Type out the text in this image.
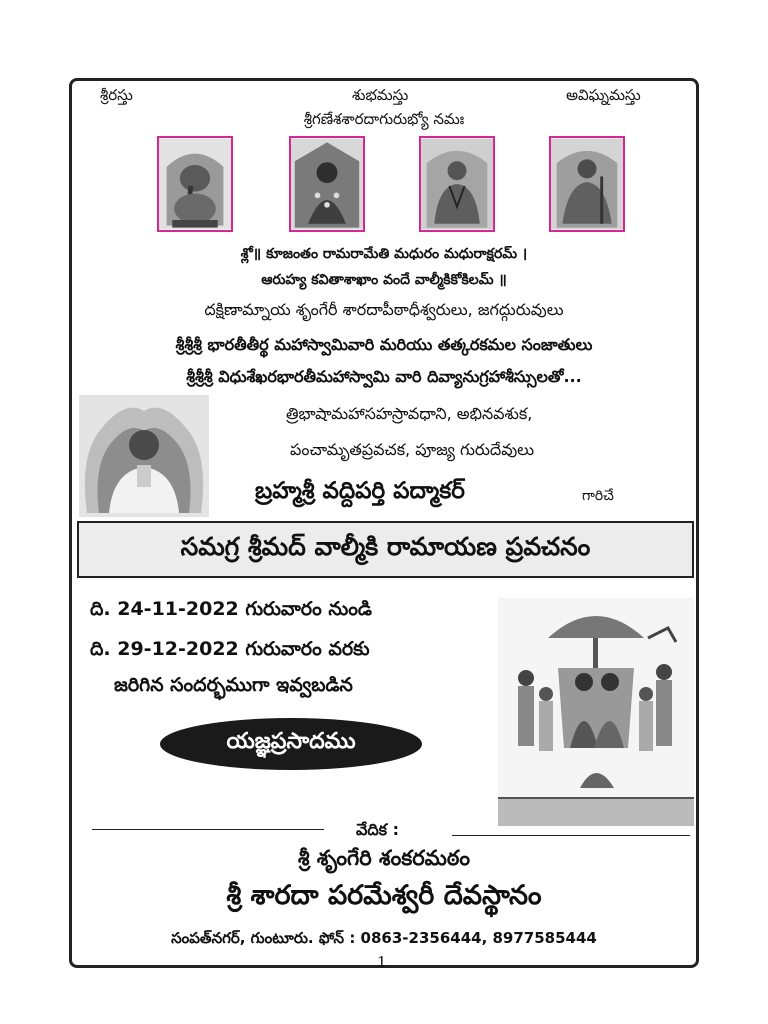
శ్రీరస్తు	శుభమస్తు	అవిఘ్నమస్తు
శ్రీగణేశశారదాగురుభ్యో నమః
శ్లో॥ కూజంతం రామరామేతి మధురం మధురాక్షరమ్ ।
ఆరుహ్య కవితాశాఖాం వందే వాల్మీకికోకిలమ్ ॥
దక్షిణామ్నాయ శృంగేరీ శారదాపీఠాధీశ్వరులు, జగద్గురువులు
శ్రీశ్రీశ్రీ భారతీతీర్థ మహాస్వామివారి మరియు తత్కరకమల సంజాతులు
శ్రీశ్రీశ్రీ విధుశేఖరభారతీమహాస్వామి వారి దివ్యానుగ్రహాశీస్సులతో...
త్రిభాషామహాసహస్రావధాని, అభినవశుక,
పంచామృతప్రవచక, పూజ్య గురుదేవులు
బ్రహ్మశ్రీ వద్దిపర్తి పద్మాకర్	గారిచే
సమగ్ర శ్రీమద్ వాల్మీకి రామాయణ ప్రవచనం
ది. 24-11-2022 గురువారం నుండి
ది. 29-12-2022 గురువారం వరకు
జరిగిన సందర్భముగా ఇవ్వబడిన
యజ్ఞప్రసాదము
వేదిక :
శ్రీ శృంగేరి శంకరమఠం
శ్రీ శారదా పరమేశ్వరీ దేవస్థానం
సంపత్‌నగర్, గుంటూరు. ఫోన్ : 0863-2356444, 8977585444
1
